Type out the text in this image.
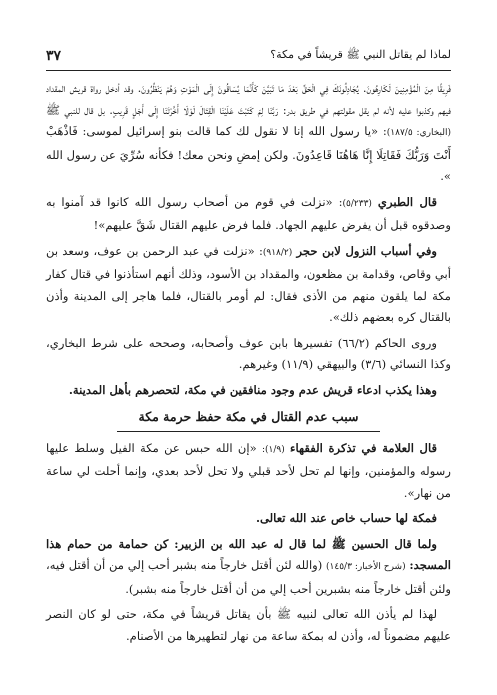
لماذا لم يقاتل النبي ﷺ قريشاً في مكة؟
٣٧

فَرِيقًا مِنَ الْمُؤْمِنِينَ لَكَارِهُونَ. يُجَادِلُونَكَ فِي الْحَقِّ بَعْدَ مَا تَبَيَّنَ كَأَنَّمَا يُسَاقُونَ إِلَى الْمَوْتِ وَهُمْ يَنْظُرُونَ. وقد أدخل رواة قريش المقداد فيهم وكذبوا عليه لأنه لم يقل مقولتهم في طريق بدر: رَبَّنَا لِمَ كَتَبْتَ عَلَيْنَا الْقِتَالَ لَوْلَا أَخَّرْتَنَا إِلَى أَجَلٍ قَرِيبٍ. بل قال للنبي ﷺ (البخاري: ١٨٧/٥): «يا رسول الله إنا لا نقول لك كما قالت بنو إسرائيل لموسى: فَاذْهَبْ أَنْتَ وَرَبُّكَ فَقَاتِلَا إِنَّا هَاهُنَا قَاعِدُونَ. ولكن إمضِ ونحن معك! فكأنه سُرِّيَ عن رسول الله ».

قال الطبري (٥/٢٣٣): «نزلت في قوم من أصحاب رسول الله كانوا قد آمنوا به وصدقوه قبل أن يفرض عليهم الجهاد. فلما فرض عليهم القتال شَقَّ عليهم»!

وفي أسباب النزول لابن حجر (٩١٨/٢): «نزلت في عبد الرحمن بن عوف، وسعد بن أبي وقاص، وقدامة بن مظعون، والمقداد بن الأسود، وذلك أنهم استأذنوا في قتال كفار مكة لما يلقون منهم من الأذى فقال: لم أومر بالقتال، فلما هاجر إلى المدينة وأذن بالقتال كره بعضهم ذلك».

وروى الحاكم (٦٦/٢) تفسيرها بابن عوف وأصحابه، وصححه على شرط البخاري، وكذا النسائي (٣/٦) والبيهقي (١١/٩) وغيرهم.

وهذا يكذب ادعاء قريش عدم وجود منافقين في مكة، لتحصرهم بأهل المدينة.

سبب عدم القتال في مكة حفظ حرمة مكة

قال العلامة في تذكرة الفقهاء (١/٩): «إن الله حبس عن مكة الفيل وسلط عليها رسوله والمؤمنين، وإنها لم تحل لأحد قبلي ولا تحل لأحد بعدي، وإنما أحلت لي ساعة من نهار».

فمكة لها حساب خاص عند الله تعالى.

ولما قال الحسين ﷺ لما قال له عبد الله بن الزبير: كن حمامة من حمام هذا المسجد: (شرح الأخبار: ١٤٥/٣) (والله لئن أقتل خارجاً منه بشبر أحب إلي من أن أقتل فيه، ولئن أقتل خارجاً منه بشبرين أحب إلي من أن أقتل خارجاً منه بشبر).

لهذا لم يأذن الله تعالى لنبيه ﷺ بأن يقاتل قريشاً في مكة، حتى لو كان النصر عليهم مضموناً له، وأذن له بمكة ساعة من نهار لتطهيرها من الأصنام.
